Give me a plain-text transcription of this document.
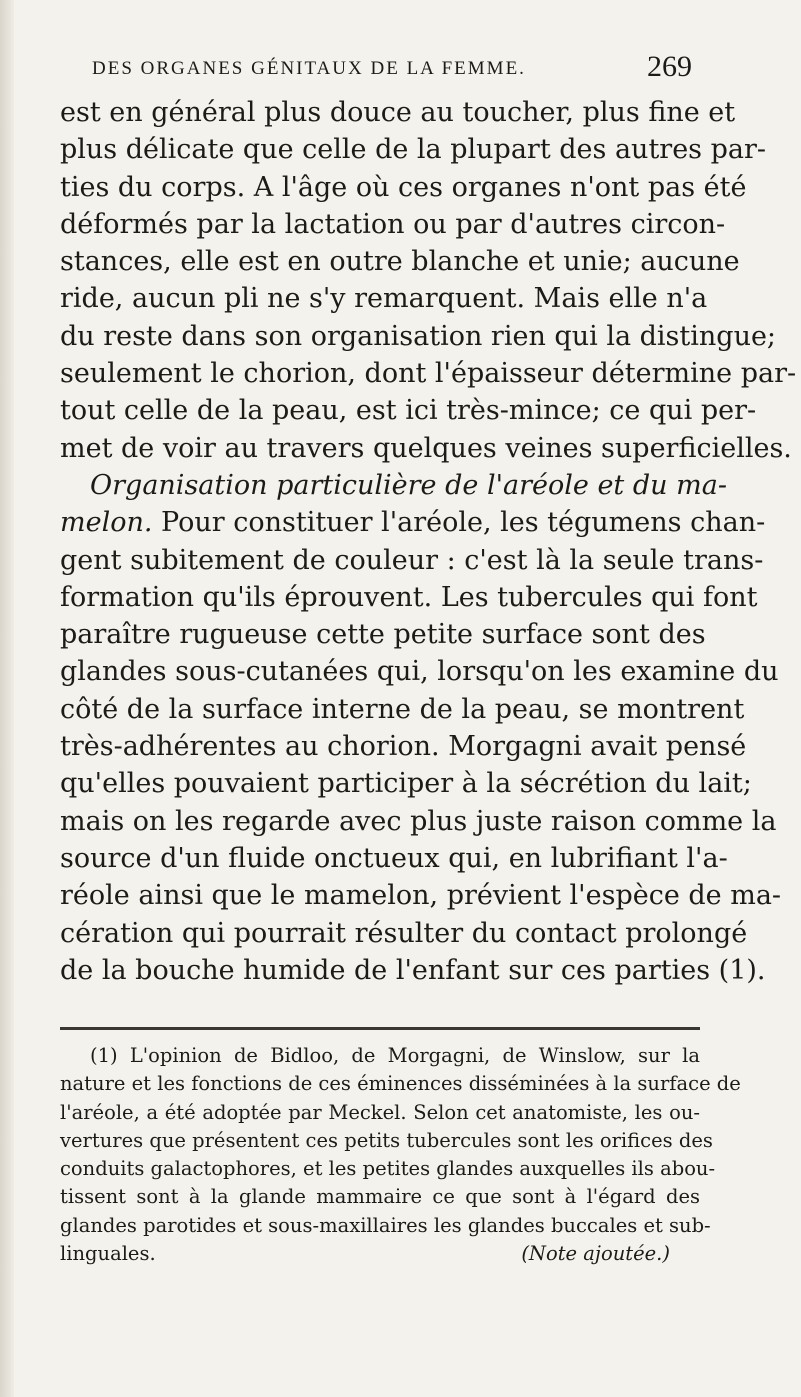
DES ORGANES GÉNITAUX DE LA FEMME.	269
est en général plus douce au toucher, plus fine et
plus délicate que celle de la plupart des autres par-
ties du corps. A l'âge où ces organes n'ont pas été
déformés par la lactation ou par d'autres circon-
stances, elle est en outre blanche et unie; aucune
ride, aucun pli ne s'y remarquent. Mais elle n'a
du reste dans son organisation rien qui la distingue;
seulement le chorion, dont l'épaisseur détermine par-
tout celle de la peau, est ici très-mince; ce qui per-
met de voir au travers quelques veines superficielles.
Organisation particulière de l'aréole et du ma-
melon. Pour constituer l'aréole, les tégumens chan-
gent subitement de couleur : c'est là la seule trans-
formation qu'ils éprouvent. Les tubercules qui font
paraître rugueuse cette petite surface sont des
glandes sous-cutanées qui, lorsqu'on les examine du
côté de la surface interne de la peau, se montrent
très-adhérentes au chorion. Morgagni avait pensé
qu'elles pouvaient participer à la sécrétion du lait;
mais on les regarde avec plus juste raison comme la
source d'un fluide onctueux qui, en lubrifiant l'a-
réole ainsi que le mamelon, prévient l'espèce de ma-
cération qui pourrait résulter du contact prolongé
de la bouche humide de l'enfant sur ces parties (1).
(1) L'opinion de Bidloo, de Morgagni, de Winslow, sur la
nature et les fonctions de ces éminences disséminées à la surface de
l'aréole, a été adoptée par Meckel. Selon cet anatomiste, les ou-
vertures que présentent ces petits tubercules sont les orifices des
conduits galactophores, et les petites glandes auxquelles ils abou-
tissent sont à la glande mammaire ce que sont à l'égard des
glandes parotides et sous-maxillaires les glandes buccales et sub-
linguales.	(Note ajoutée.)
